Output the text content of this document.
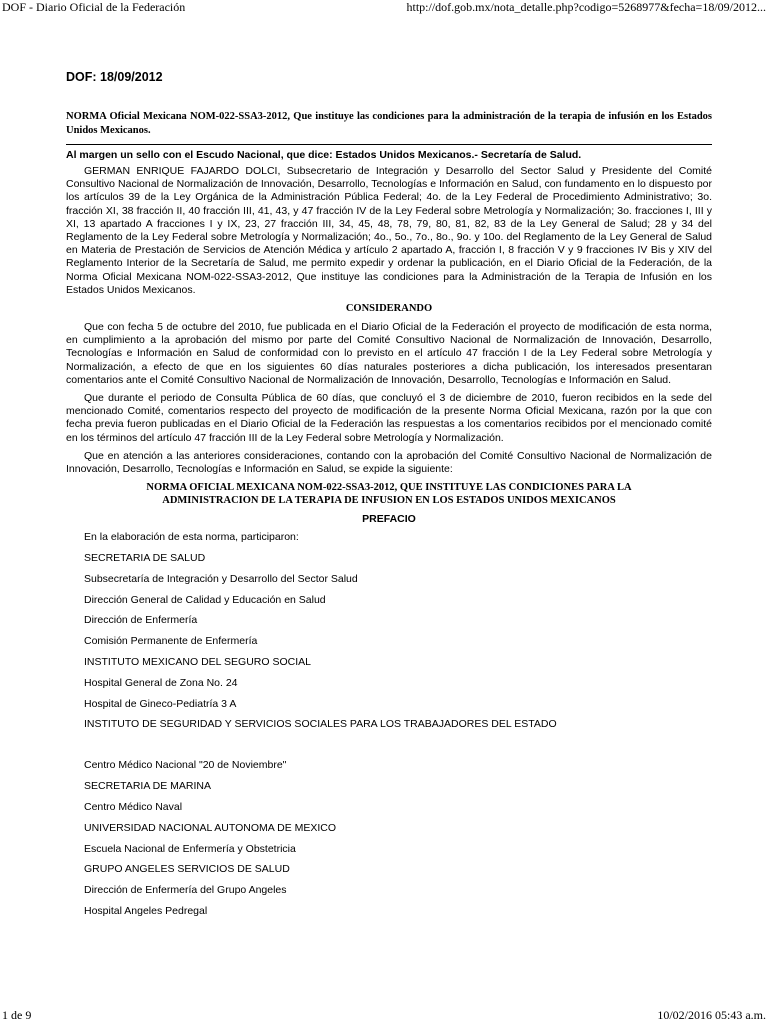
DOF - Diario Oficial de la Federación	http://dof.gob.mx/nota_detalle.php?codigo=5268977&fecha=18/09/2012...
DOF: 18/09/2012
NORMA Oficial Mexicana NOM-022-SSA3-2012, Que instituye las condiciones para la administración de la terapia de infusión en los Estados Unidos Mexicanos.
Al margen un sello con el Escudo Nacional, que dice: Estados Unidos Mexicanos.- Secretaría de Salud.

GERMAN ENRIQUE FAJARDO DOLCI, Subsecretario de Integración y Desarrollo del Sector Salud y Presidente del Comité Consultivo Nacional de Normalización de Innovación, Desarrollo, Tecnologías e Información en Salud, con fundamento en lo dispuesto por los artículos 39 de la Ley Orgánica de la Administración Pública Federal; 4o. de la Ley Federal de Procedimiento Administrativo; 3o. fracción XI, 38 fracción II, 40 fracción III, 41, 43, y 47 fracción IV de la Ley Federal sobre Metrología y Normalización; 3o. fracciones I, III y XI, 13 apartado A fracciones I y IX, 23, 27 fracción III, 34, 45, 48, 78, 79, 80, 81, 82, 83 de la Ley General de Salud; 28 y 34 del Reglamento de la Ley Federal sobre Metrología y Normalización; 4o., 5o., 7o., 8o., 9o. y 10o. del Reglamento de la Ley General de Salud en Materia de Prestación de Servicios de Atención Médica y artículo 2 apartado A, fracción I, 8 fracción V y 9 fracciones IV Bis y XIV del Reglamento Interior de la Secretaría de Salud, me permito expedir y ordenar la publicación, en el Diario Oficial de la Federación, de la Norma Oficial Mexicana NOM-022-SSA3-2012, Que instituye las condiciones para la Administración de la Terapia de Infusión en los Estados Unidos Mexicanos.

CONSIDERANDO

Que con fecha 5 de octubre del 2010, fue publicada en el Diario Oficial de la Federación el proyecto de modificación de esta norma, en cumplimiento a la aprobación del mismo por parte del Comité Consultivo Nacional de Normalización de Innovación, Desarrollo, Tecnologías e Información en Salud de conformidad con lo previsto en el artículo 47 fracción I de la Ley Federal sobre Metrología y Normalización, a efecto de que en los siguientes 60 días naturales posteriores a dicha publicación, los interesados presentaran comentarios ante el Comité Consultivo Nacional de Normalización de Innovación, Desarrollo, Tecnologías e Información en Salud.

Que durante el periodo de Consulta Pública de 60 días, que concluyó el 3 de diciembre de 2010, fueron recibidos en la sede del mencionado Comité, comentarios respecto del proyecto de modificación de la presente Norma Oficial Mexicana, razón por la que con fecha previa fueron publicadas en el Diario Oficial de la Federación las respuestas a los comentarios recibidos por el mencionado comité en los términos del artículo 47 fracción III de la Ley Federal sobre Metrología y Normalización.

Que en atención a las anteriores consideraciones, contando con la aprobación del Comité Consultivo Nacional de Normalización de Innovación, Desarrollo, Tecnologías e Información en Salud, se expide la siguiente:

NORMA OFICIAL MEXICANA NOM-022-SSA3-2012, QUE INSTITUYE LAS CONDICIONES PARA LA
ADMINISTRACION DE LA TERAPIA DE INFUSION EN LOS ESTADOS UNIDOS MEXICANOS
PREFACIO
En la elaboración de esta norma, participaron:
SECRETARIA DE SALUD
Subsecretaría de Integración y Desarrollo del Sector Salud
Dirección General de Calidad y Educación en Salud
Dirección de Enfermería
Comisión Permanente de Enfermería
INSTITUTO MEXICANO DEL SEGURO SOCIAL
Hospital General de Zona No. 24
Hospital de Gineco-Pediatría 3 A
INSTITUTO DE SEGURIDAD Y SERVICIOS SOCIALES PARA LOS TRABAJADORES DEL ESTADO
Centro Médico Nacional "20 de Noviembre"
SECRETARIA DE MARINA
Centro Médico Naval
UNIVERSIDAD NACIONAL AUTONOMA DE MEXICO
Escuela Nacional de Enfermería y Obstetricia
GRUPO ANGELES SERVICIOS DE SALUD
Dirección de Enfermería del Grupo Angeles
Hospital Angeles Pedregal
1 de 9	10/02/2016 05:43 a.m.
